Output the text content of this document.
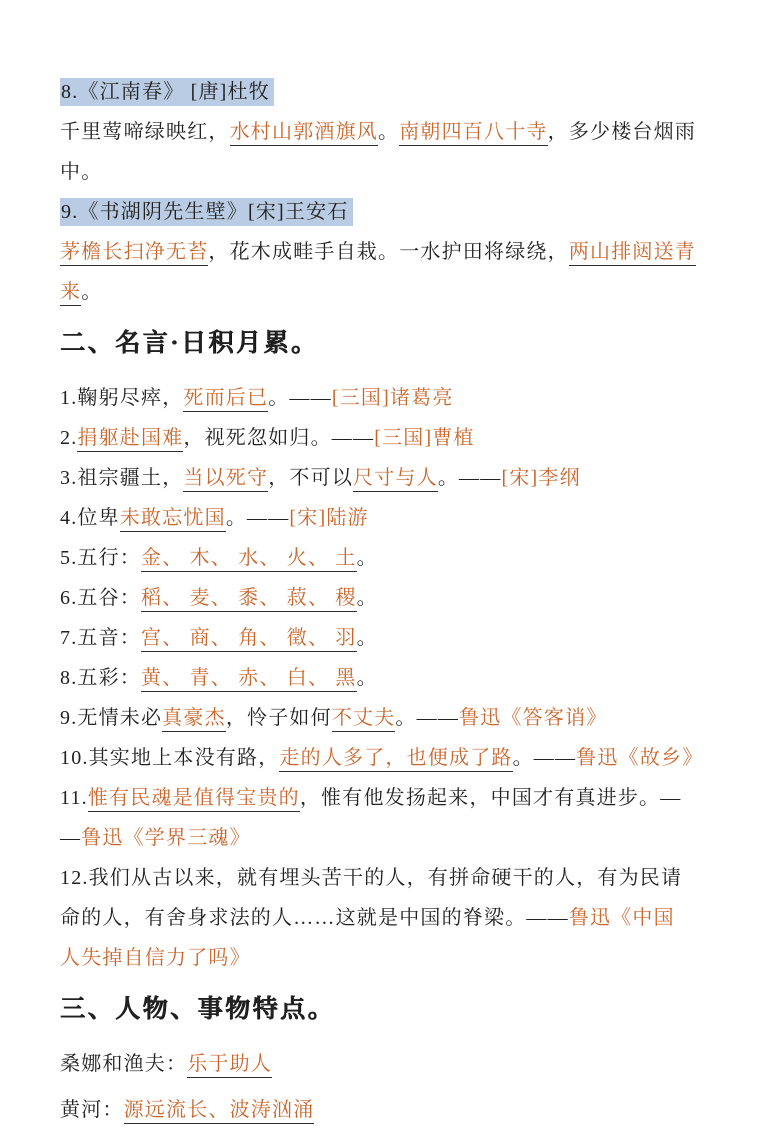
8.《江南春》 [唐]杜牧

千里莺啼绿映红，水村山郭酒旗风。南朝四百八十寺，多少楼台烟雨中。

9.《书湖阴先生壁》[宋]王安石

茅檐长扫净无苔，花木成畦手自栽。一水护田将绿绕，两山排闼送青来。

二、名言·日积月累。

1.鞠躬尽瘁，死而后已。——[三国]诸葛亮

2.捐躯赴国难，视死忽如归。——[三国]曹植

3.祖宗疆土，当以死守，不可以尺寸与人。——[宋]李纲

4.位卑未敢忘忧国。——[宋]陆游

5.五行：金、 木、 水、 火、 土。

6.五谷：稻、 麦、 黍、 菽、 稷。

7.五音：宫、 商、 角、 徵、 羽。

8.五彩：黄、 青、 赤、 白、 黑。

9.无情未必真豪杰，怜子如何不丈夫。——鲁迅《答客诮》

10.其实地上本没有路，走的人多了，也便成了路。——鲁迅《故乡》

11.惟有民魂是值得宝贵的，惟有他发扬起来，中国才有真进步。—
—鲁迅《学界三魂》

12.我们从古以来，就有埋头苦干的人，有拼命硬干的人，有为民请
命的人，有舍身求法的人……这就是中国的脊梁。——鲁迅《中国
人失掉自信力了吗》

三、人物、事物特点。

桑娜和渔夫：乐于助人

黄河：源远流长、波涛汹涌
